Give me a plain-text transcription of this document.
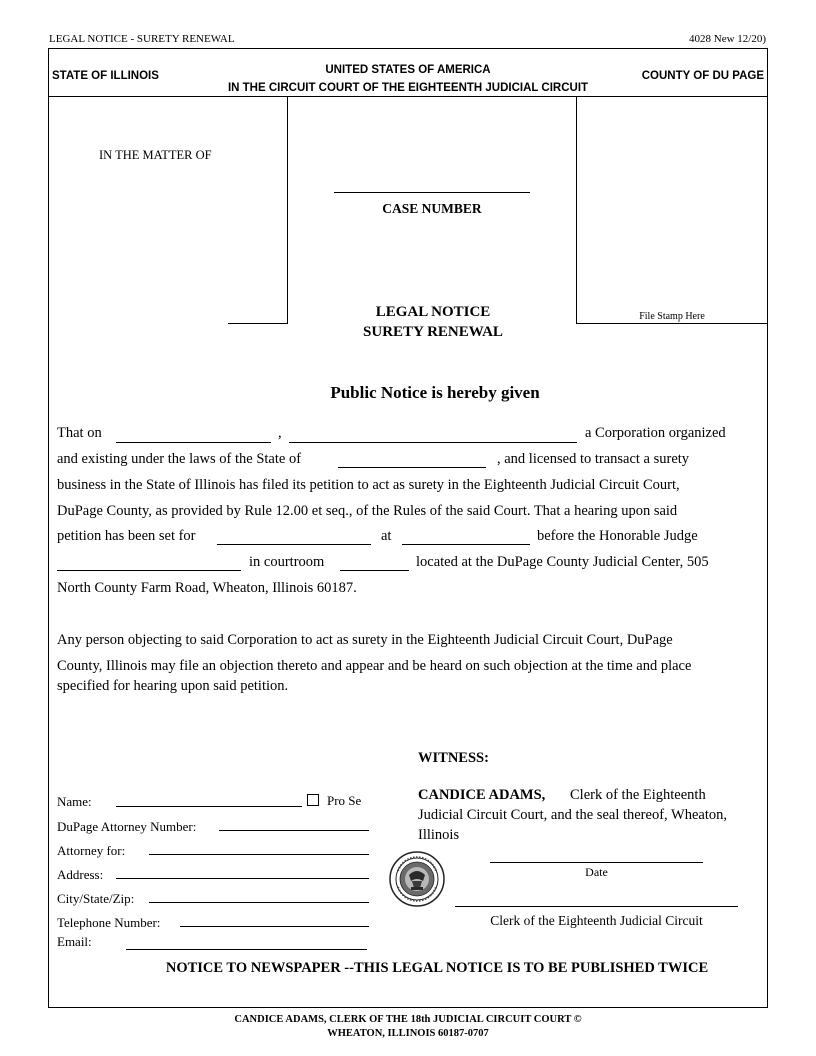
LEGAL NOTICE - SURETY RENEWAL	4028 New 12/20)
STATE OF ILLINOIS	UNITED STATES OF AMERICA
IN THE CIRCUIT COURT OF THE EIGHTEENTH JUDICIAL CIRCUIT
COUNTY OF DU PAGE
IN THE MATTER OF
CASE NUMBER
File Stamp Here
LEGAL NOTICE
SURETY RENEWAL
Public Notice is hereby given
That on	,	a Corporation organized
and existing under the laws of the State of	, and licensed to transact a surety
business in the State of Illinois has filed its petition to act as surety in the Eighteenth Judicial Circuit Court,
DuPage County, as provided by Rule 12.00 et seq., of the Rules of the said Court. That a hearing upon said
petition has been set for	at	before the Honorable Judge
in courtroom	located at the DuPage County Judicial Center, 505
North County Farm Road, Wheaton, Illinois 60187.
Any person objecting to said Corporation to act as surety in the Eighteenth Judicial Circuit Court, DuPage
County, Illinois may file an objection thereto and appear and be heard on such objection at the time and place
specified for hearing upon said petition.
Name:	Pro Se
DuPage Attorney Number:
Attorney for:
Address:
City/State/Zip:
Telephone Number:
Email:
WITNESS:
CANDICE ADAMS, Clerk of the Eighteenth
Judicial Circuit Court, and the seal thereof, Wheaton,
Illinois
Date
Clerk of the Eighteenth Judicial Circuit
NOTICE TO NEWSPAPER --THIS LEGAL NOTICE IS TO BE PUBLISHED TWICE
CANDICE ADAMS, CLERK OF THE 18th JUDICIAL CIRCUIT COURT ©
WHEATON, ILLINOIS 60187-0707
